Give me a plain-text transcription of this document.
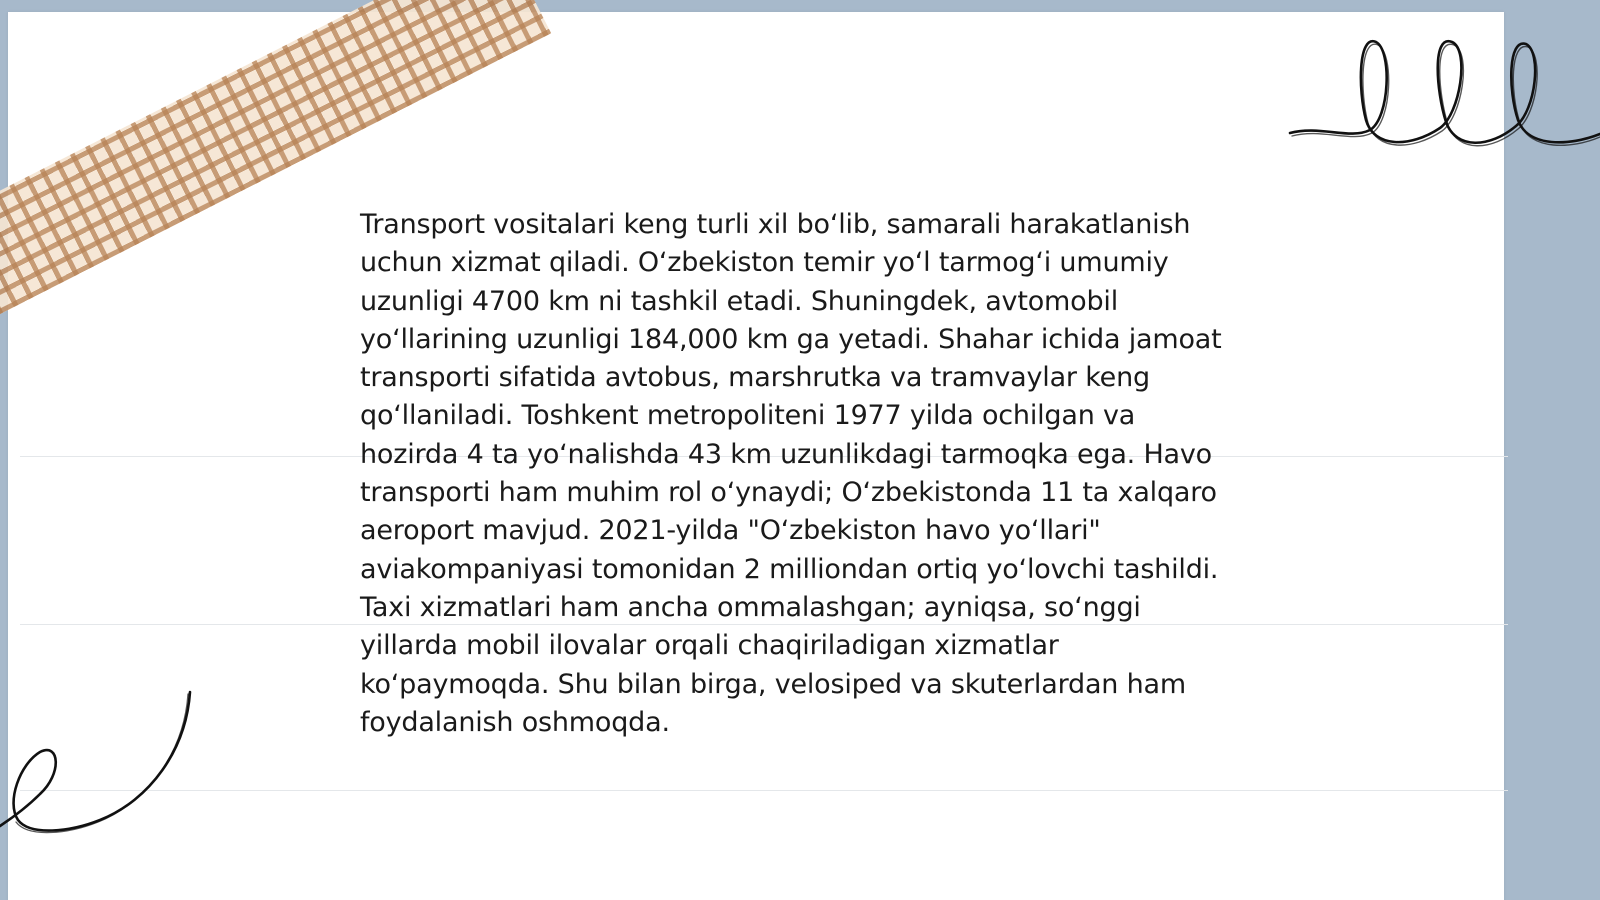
Transport vositalari keng turli xil boʻlib, samarali harakatlanish uchun xizmat qiladi. Oʻzbekiston temir yoʻl tarmogʻi umumiy uzunligi 4700 km ni tashkil etadi. Shuningdek, avtomobil yoʻllarining uzunligi 184,000 km ga yetadi. Shahar ichida jamoat transporti sifatida avtobus, marshrutka va tramvaylar keng qoʻllaniladi. Toshkent metropoliteni 1977 yilda ochilgan va hozirda 4 ta yoʻnalishda 43 km uzunlikdagi tarmoqka ega. Havo transporti ham muhim rol oʻynaydi; Oʻzbekistonda 11 ta xalqaro aeroport mavjud. 2021-yilda "Oʻzbekiston havo yoʻllari" aviakompaniyasi tomonidan 2 milliondan ortiq yoʻlovchi tashildi. Taxi xizmatlari ham ancha ommalashgan; ayniqsa, soʻnggi yillarda mobil ilovalar orqali chaqiriladigan xizmatlar koʻpaymoqda. Shu bilan birga, velosiped va skuterlardan ham foydalanish oshmoqda.
